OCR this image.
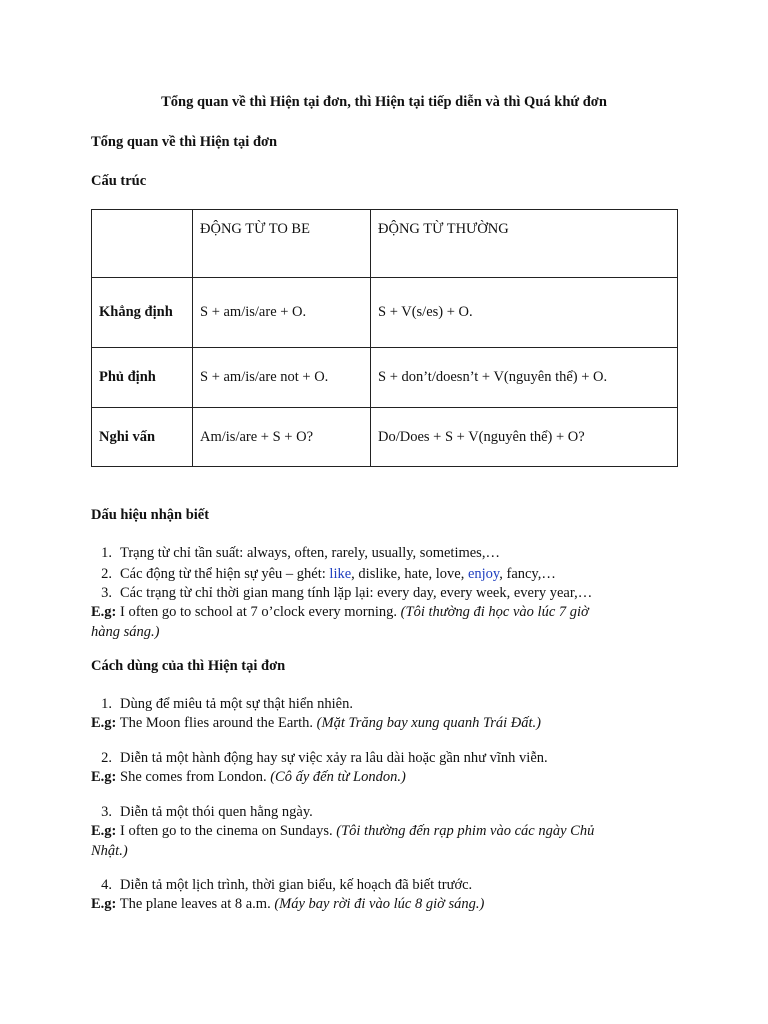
Tổng quan về thì Hiện tại đơn, thì Hiện tại tiếp diễn và thì Quá khứ đơn
Tổng quan về thì Hiện tại đơn
Cấu trúc
	ĐỘNG TỪ TO BE	ĐỘNG TỪ THƯỜNG
Khẳng định	S + am/is/are + O.	S + V(s/es) + O.
Phủ định	S + am/is/are not + O.	S + don’t/doesn’t + V(nguyên thể) + O.
Nghi vấn	Am/is/are + S + O?	Do/Does + S + V(nguyên thể) + O?
Dấu hiệu nhận biết
1. Trạng từ chỉ tần suất: always, often, rarely, usually, sometimes,…
2. Các động từ thể hiện sự yêu – ghét: like, dislike, hate, love, enjoy, fancy,…
3. Các trạng từ chỉ thời gian mang tính lặp lại: every day, every week, every year,…
E.g: I often go to school at 7 o’clock every morning. (Tôi thường đi học vào lúc 7 giờ
hàng sáng.)
Cách dùng của thì Hiện tại đơn
1. Dùng để miêu tả một sự thật hiển nhiên.
E.g: The Moon flies around the Earth. (Mặt Trăng bay xung quanh Trái Đất.)
2. Diễn tả một hành động hay sự việc xảy ra lâu dài hoặc gần như vĩnh viễn.
E.g: She comes from London. (Cô ấy đến từ London.)
3. Diễn tả một thói quen hằng ngày.
E.g: I often go to the cinema on Sundays. (Tôi thường đến rạp phim vào các ngày Chủ
Nhật.)
4. Diễn tả một lịch trình, thời gian biểu, kế hoạch đã biết trước.
E.g: The plane leaves at 8 a.m. (Máy bay rời đi vào lúc 8 giờ sáng.)
